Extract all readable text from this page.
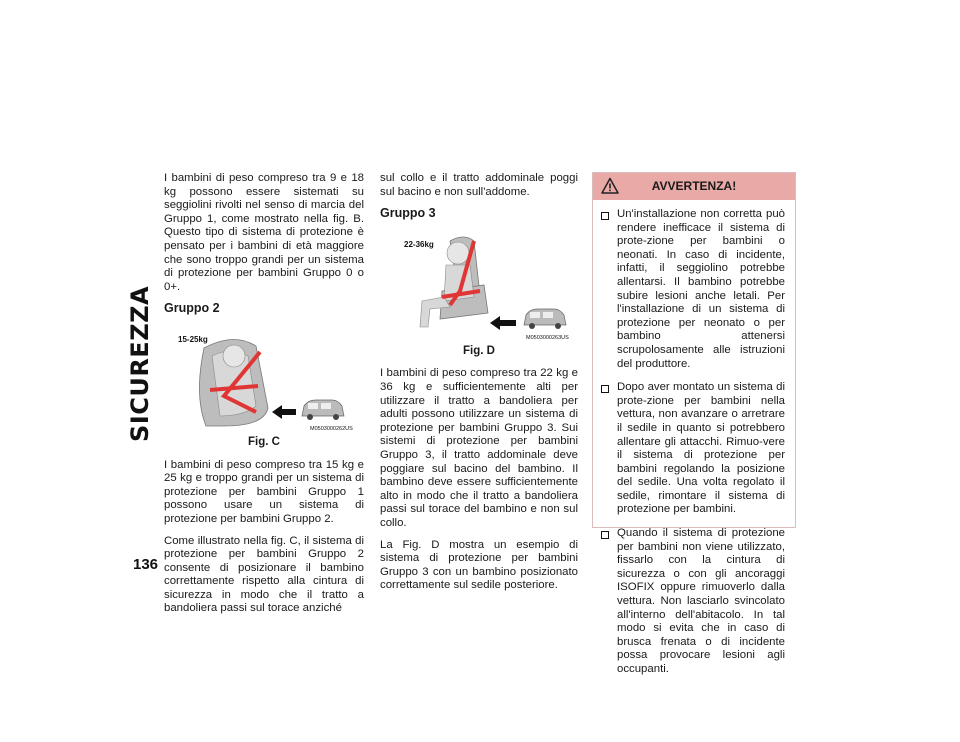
SICUREZZA
136

I bambini di peso compreso tra 9 e 18 kg possono essere sistemati su seggiolini rivolti nel senso di marcia del Gruppo 1, come mostrato nella fig. B. Questo tipo di sistema di protezione è pensato per i bambini di età maggiore che sono troppo grandi per un sistema di protezione per bambini Gruppo 0 o 0+.

Gruppo 2
15-25kg
M0503000262US
Fig. C

I bambini di peso compreso tra 15 kg e 25 kg e troppo grandi per un sistema di protezione per bambini Gruppo 1 possono usare un sistema di protezione per bambini Gruppo 2.

Come illustrato nella fig. C, il sistema di protezione per bambini Gruppo 2 consente di posizionare il bambino correttamente rispetto alla cintura di sicurezza in modo che il tratto a bandoliera passi sul torace anziché

sul collo e il tratto addominale poggi sul bacino e non sull'addome.

Gruppo 3
22-36kg
M0503000263US
Fig. D

I bambini di peso compreso tra 22 kg e 36 kg e sufficientemente alti per utilizzare il tratto a bandoliera per adulti possono utilizzare un sistema di protezione per bambini Gruppo 3. Sui sistemi di protezione per bambini Gruppo 3, il tratto addominale deve poggiare sul bacino del bambino. Il bambino deve essere sufficientemente alto in modo che il tratto a bandoliera passi sul torace del bambino e non sul collo.

La Fig. D mostra un esempio di sistema di protezione per bambini Gruppo 3 con un bambino posizionato correttamente sul sedile posteriore.

AVVERTENZA!
Un'installazione non corretta può rendere inefficace il sistema di prote-zione per bambini o neonati. In caso di incidente, infatti, il seggiolino potrebbe allentarsi. Il bambino potrebbe subire lesioni anche letali. Per l'installazione di un sistema di protezione per neonato o per bambino attenersi scrupolosamente alle istruzioni del produttore.
Dopo aver montato un sistema di prote-zione per bambini nella vettura, non avanzare o arretrare il sedile in quanto si potrebbero allentare gli attacchi. Rimuo-vere il sistema di protezione per bambini regolando la posizione del sedile. Una volta regolato il sedile, rimontare il sistema di protezione per bambini.
Quando il sistema di protezione per bambini non viene utilizzato, fissarlo con la cintura di sicurezza o con gli ancoraggi ISOFIX oppure rimuoverlo dalla vettura. Non lasciarlo svincolato all'interno dell'abitacolo. In tal modo si evita che in caso di brusca frenata o di incidente possa provocare lesioni agli occupanti.
